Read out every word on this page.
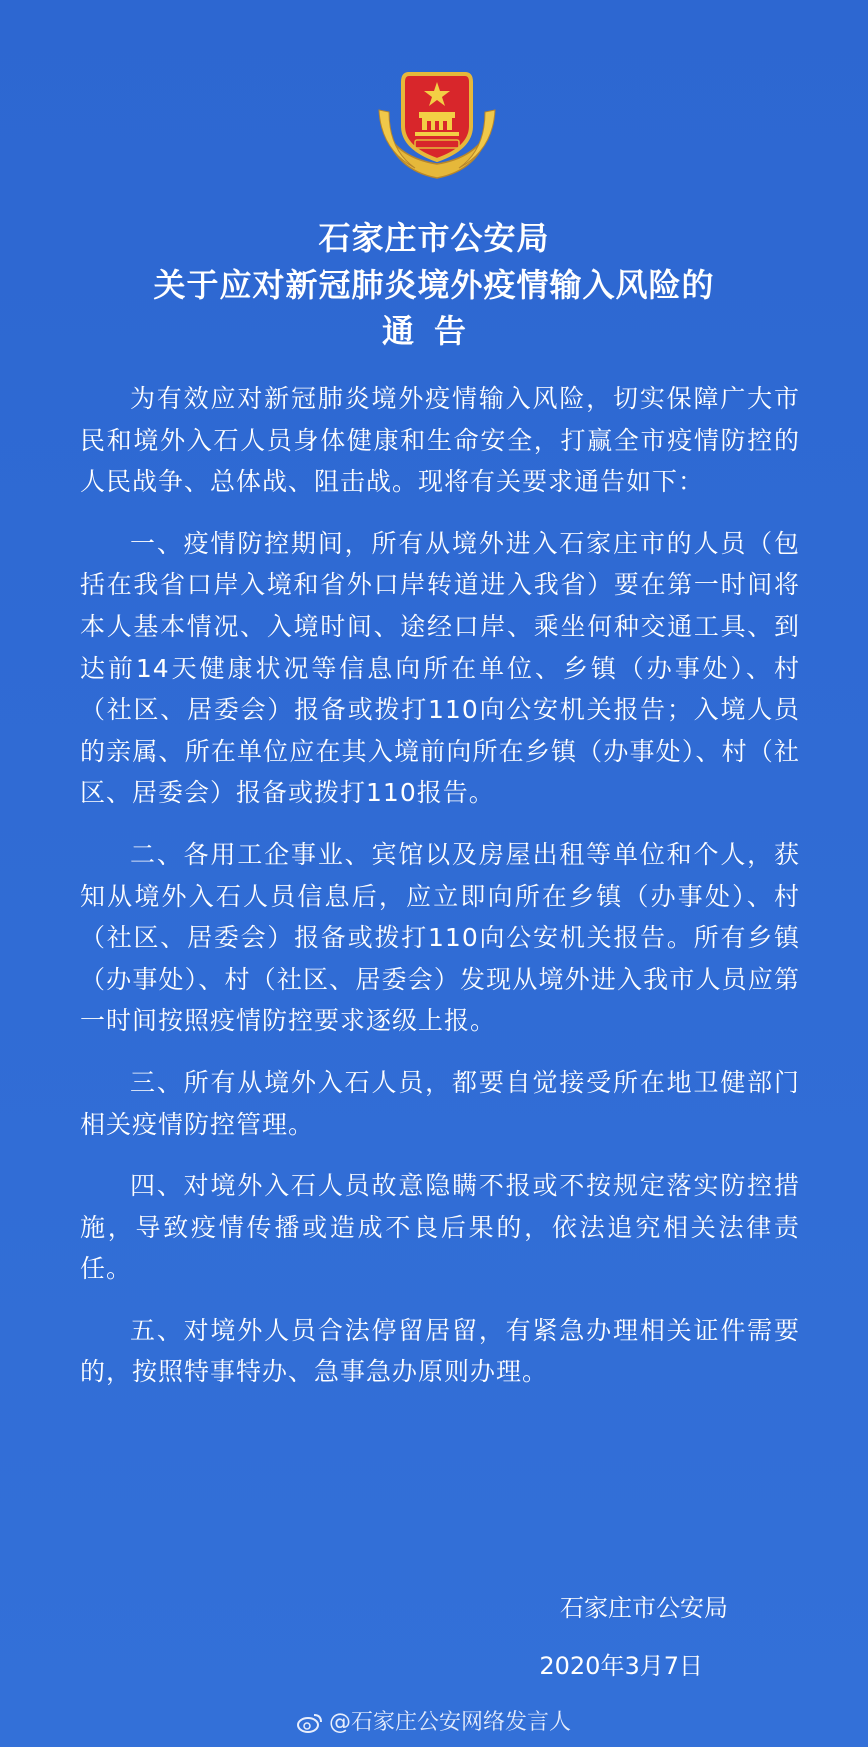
石家庄市公安局
关于应对新冠肺炎境外疫情输入风险的
通告

为有效应对新冠肺炎境外疫情输入风险，切实保障广大市民和境外入石人员身体健康和生命安全，打赢全市疫情防控的人民战争、总体战、阻击战。现将有关要求通告如下：

一、疫情防控期间，所有从境外进入石家庄市的人员（包括在我省口岸入境和省外口岸转道进入我省）要在第一时间将本人基本情况、入境时间、途经口岸、乘坐何种交通工具、到达前14天健康状况等信息向所在单位、乡镇（办事处）、村（社区、居委会）报备或拨打110向公安机关报告；入境人员的亲属、所在单位应在其入境前向所在乡镇（办事处）、村（社区、居委会）报备或拨打110报告。

二、各用工企事业、宾馆以及房屋出租等单位和个人，获知从境外入石人员信息后，应立即向所在乡镇（办事处）、村（社区、居委会）报备或拨打110向公安机关报告。所有乡镇（办事处）、村（社区、居委会）发现从境外进入我市人员应第一时间按照疫情防控要求逐级上报。

三、所有从境外入石人员，都要自觉接受所在地卫健部门相关疫情防控管理。

四、对境外入石人员故意隐瞒不报或不按规定落实防控措施，导致疫情传播或造成不良后果的，依法追究相关法律责任。

五、对境外人员合法停留居留，有紧急办理相关证件需要的，按照特事特办、急事急办原则办理。

石家庄市公安局
2020年3月7日
@石家庄公安网络发言人
